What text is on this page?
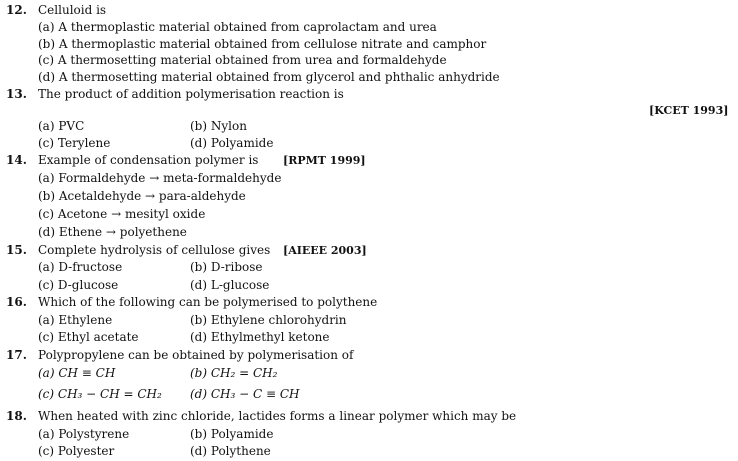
12. Celluloid is
(a) A thermoplastic material obtained from caprolactam and urea
(b) A thermoplastic material obtained from cellulose nitrate and camphor
(c) A thermosetting material obtained from urea and formaldehyde
(d) A thermosetting material obtained from glycerol and phthalic anhydride
13. The product of addition polymerisation reaction is
[KCET 1993]
(a) PVC	(b) Nylon
(c) Terylene	(d) Polyamide
14. Example of condensation polymer is [RPMT 1999]
(a) Formaldehyde → meta-formaldehyde
(b) Acetaldehyde → para-aldehyde
(c) Acetone → mesityl oxide
(d) Ethene → polyethene
15. Complete hydrolysis of cellulose gives [AIEEE 2003]
(a) D-fructose	(b) D-ribose
(c) D-glucose	(d) L-glucose
16. Which of the following can be polymerised to polythene
(a) Ethylene	(b) Ethylene chlorohydrin
(c) Ethyl acetate	(d) Ethylmethyl ketone
17. Polypropylene can be obtained by polymerisation of
(a) CH ≡ CH	(b) CH₂ = CH₂
(c) CH₃ − CH = CH₂ (d) CH₃ − C ≡ CH
18. When heated with zinc chloride, lactides forms a linear polymer which may be
(a) Polystyrene	(b) Polyamide
(c) Polyester	(d) Polythene
